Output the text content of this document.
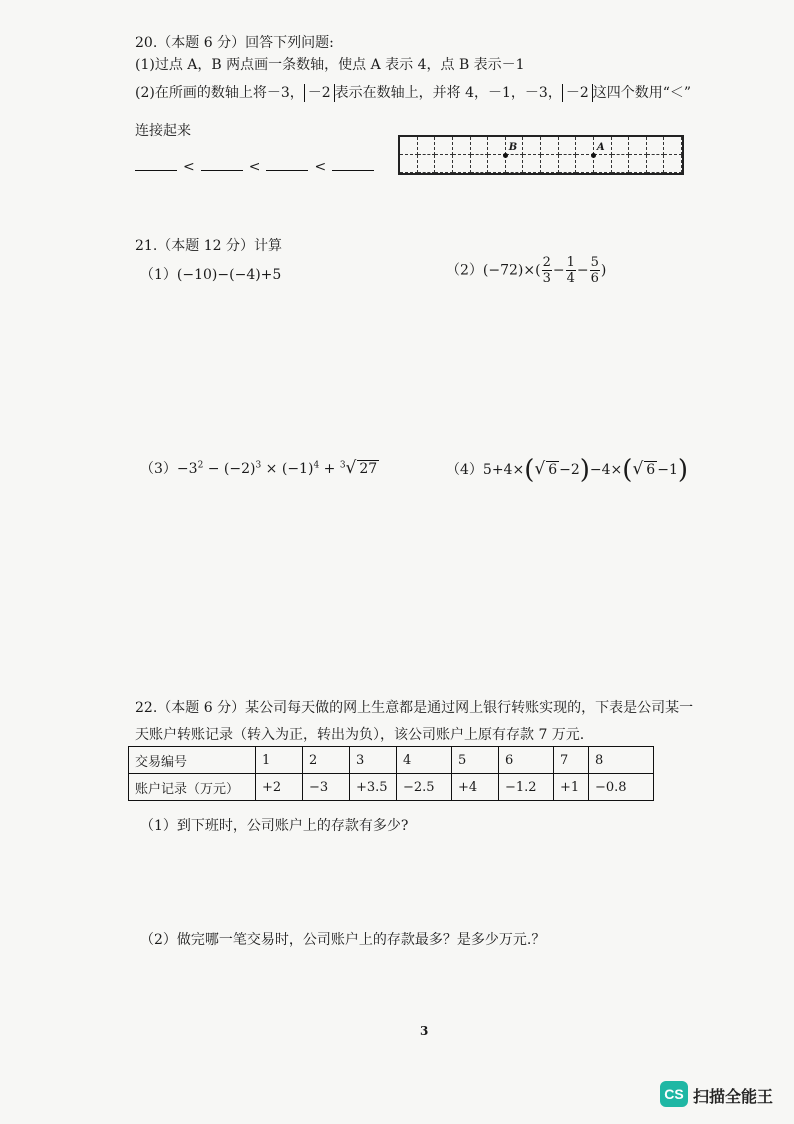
20.（本题 6 分）回答下列问题:
(1)过点 A，B 两点画一条数轴，使点 A 表示 4，点 B 表示－1
(2)在所画的数轴上将－3， －2 表示在数轴上，并将 4，－1，－3， －2 这四个数用“＜”
连接起来
<	<	<
B	A
21.（本题 12 分）计算
（1）(−10)−(−4)+5	$(2)(-72)\times( \frac{2}{3} - \frac{1}{4} - \frac{5}{6}$ )
$(3)-3^2 - (-2)^3 \times (-1)^4 + ^3√$ 27	（4）5+4×(√ 6 −2)−4×(√ 6 −1)
22.（本题 6 分）某公司每天做的网上生意都是通过网上银行转账实现的，下表是公司某一
天账户转账记录（转入为正，转出为负），该公司账户上原有存款 7 万元.
交易编号	1	2	3	4	5	6	7	8
账户记录（万元）	+2	−3	+3.5	−2.5	+4	−1.2	+1	−0.8
（1）到下班时，公司账户上的存款有多少?
（2）做完哪一笔交易时，公司账户上的存款最多？是多少万元.？
3
CS 扫描全能王
